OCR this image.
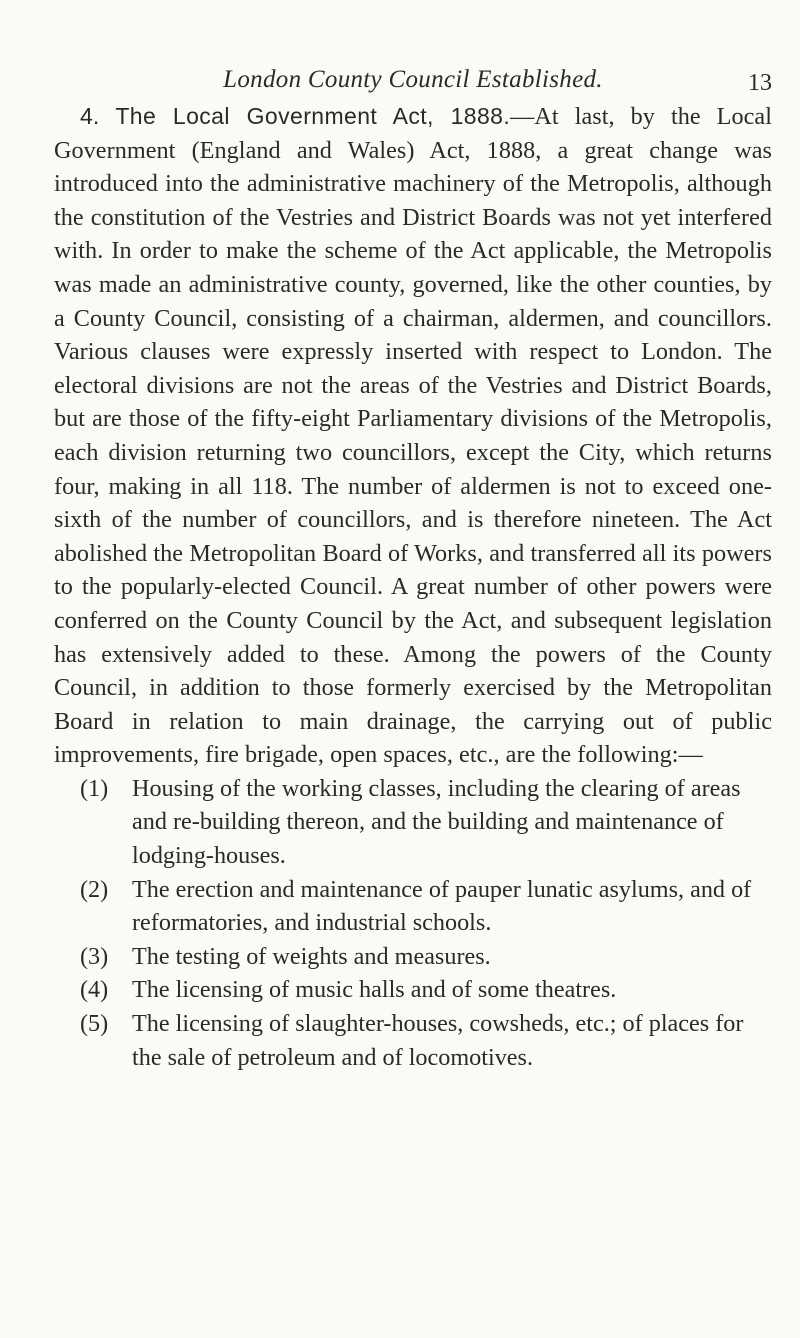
London County Council Established.	13

4. The Local Government Act, 1888.—At last, by the Local Government (England and Wales) Act, 1888, a great change was introduced into the administrative machinery of the Metropolis, although the constitution of the Vestries and District Boards was not yet interfered with. In order to make the scheme of the Act applicable, the Metropolis was made an administrative county, governed, like the other counties, by a County Council, consisting of a chairman, aldermen, and councillors. Various clauses were expressly inserted with respect to London. The electoral divisions are not the areas of the Vestries and District Boards, but are those of the fifty-eight Parliamentary divisions of the Metropolis, each division returning two councillors, except the City, which returns four, making in all 118. The number of aldermen is not to exceed one-sixth of the number of councillors, and is therefore nineteen. The Act abolished the Metropolitan Board of Works, and transferred all its powers to the popularly-elected Council. A great number of other powers were conferred on the County Council by the Act, and subsequent legislation has extensively added to these. Among the powers of the County Council, in addition to those formerly exercised by the Metropolitan Board in relation to main drainage, the carrying out of public improvements, fire brigade, open spaces, etc., are the following:—

(1) Housing of the working classes, including the clearing of areas and re-building thereon, and the building and maintenance of lodging-houses.
(2) The erection and maintenance of pauper lunatic asylums, and of reformatories, and industrial schools.
(3) The testing of weights and measures.
(4) The licensing of music halls and of some theatres.
(5) The licensing of slaughter-houses, cowsheds, etc.; of places for the sale of petroleum and of locomotives.
